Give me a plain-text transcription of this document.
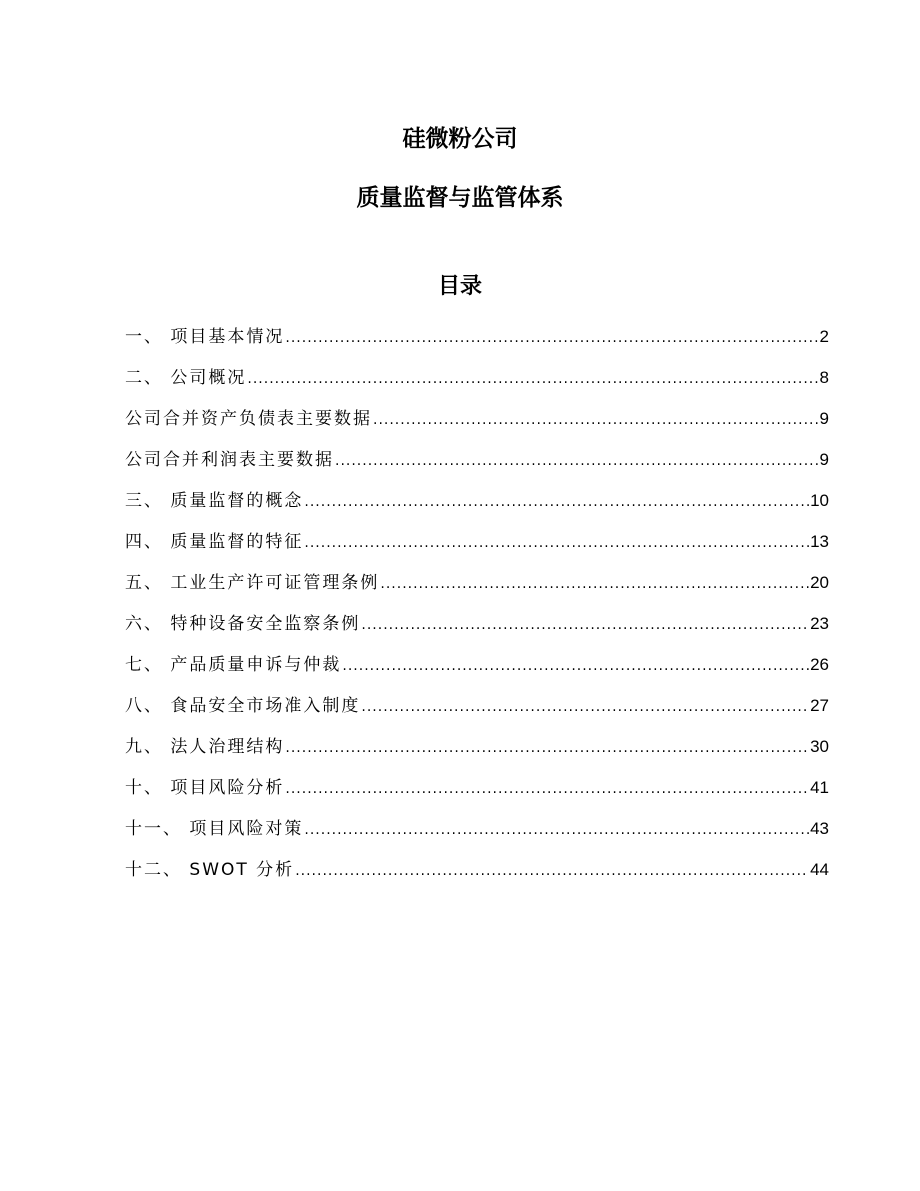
硅微粉公司
质量监督与监管体系
目录
一、 项目基本情况 .....	2
二、 公司概况 .....	8
公司合并资产负债表主要数据 .....	9
公司合并利润表主要数据 .....	9
三、 质量监督的概念 .....	10
四、 质量监督的特征 .....	13
五、 工业生产许可证管理条例 .....	20
六、 特种设备安全监察条例 .....	23
七、 产品质量申诉与仲裁 .....	26
八、 食品安全市场准入制度 .....	27
九、 法人治理结构 .....	30
十、 项目风险分析 .....	41
十一、 项目风险对策 .....	43
十二、 SWOT 分析 .....	44
